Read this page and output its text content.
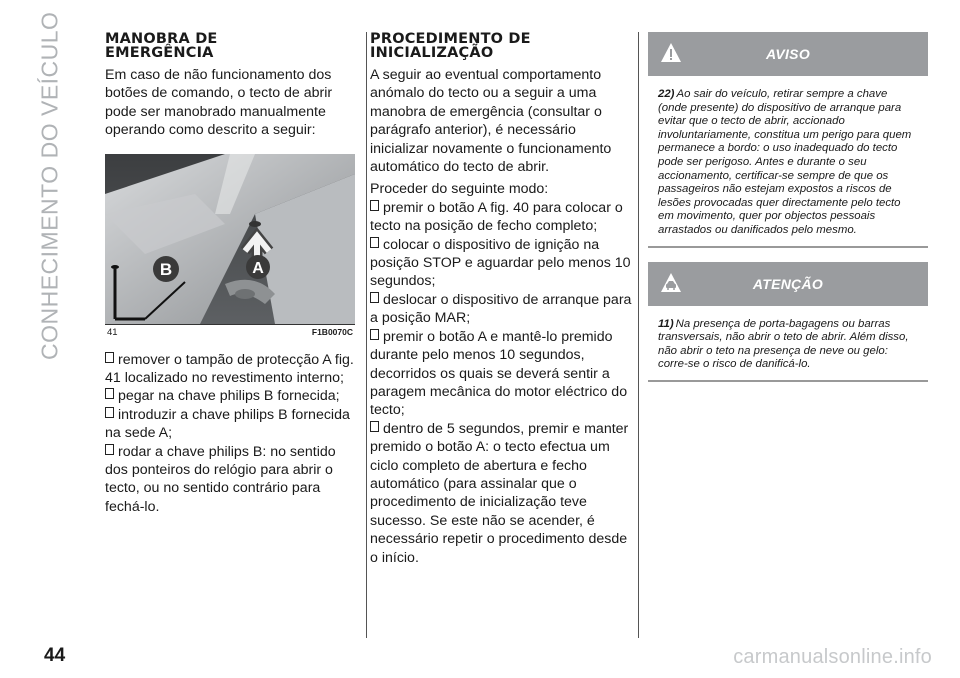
CONHECIMENTO DO VEÍCULO
44
MANOBRA DE
EMERGÊNCIA

Em caso de não funcionamento dos botões de comando, o tecto de abrir pode ser manobrado manualmente operando como descrito a seguir:

B	A
41	F1B0070C

remover o tampão de protecção A fig. 41 localizado no revestimento interno;

pegar na chave philips B fornecida;

introduzir a chave philips B fornecida na sede A;

rodar a chave philips B: no sentido dos ponteiros do relógio para abrir o tecto, ou no sentido contrário para fechá-lo.

PROCEDIMENTO DE
INICIALIZAÇÃO

A seguir ao eventual comportamento anómalo do tecto ou a seguir a uma manobra de emergência (consultar o parágrafo anterior), é necessário inicializar novamente o funcionamento automático do tecto de abrir.

Proceder do seguinte modo:

premir o botão A fig. 40 para colocar o tecto na posição de fecho completo;

colocar o dispositivo de ignição na posição STOP e aguardar pelo menos 10 segundos;

deslocar o dispositivo de arranque para a posição MAR;

premir o botão A e mantê-lo premido durante pelo menos 10 segundos, decorridos os quais se deverá sentir a paragem mecânica do motor eléctrico do tecto;

dentro de 5 segundos, premir e manter premido o botão A: o tecto efectua um ciclo completo de abertura e fecho automático (para assinalar que o procedimento de inicialização teve sucesso. Se este não se acender, é necessário repetir o procedimento desde o início.

AVISO
22) Ao sair do veículo, retirar sempre a chave (onde presente) do dispositivo de arranque para evitar que o tecto de abrir, accionado involuntariamente, constitua um perigo para quem permanece a bordo: o uso inadequado do tecto pode ser perigoso. Antes e durante o seu accionamento, certificar-se sempre de que os passageiros não estejam expostos a riscos de lesões provocadas quer directamente pelo tecto em movimento, quer por objectos pessoais arrastados ou danificados pelo mesmo.
ATENÇÃO
11) Na presença de porta-bagagens ou barras transversais, não abrir o teto de abrir. Além disso, não abrir o teto na presença de neve ou gelo: corre-se o risco de danificá-lo.
carmanualsonline.info
